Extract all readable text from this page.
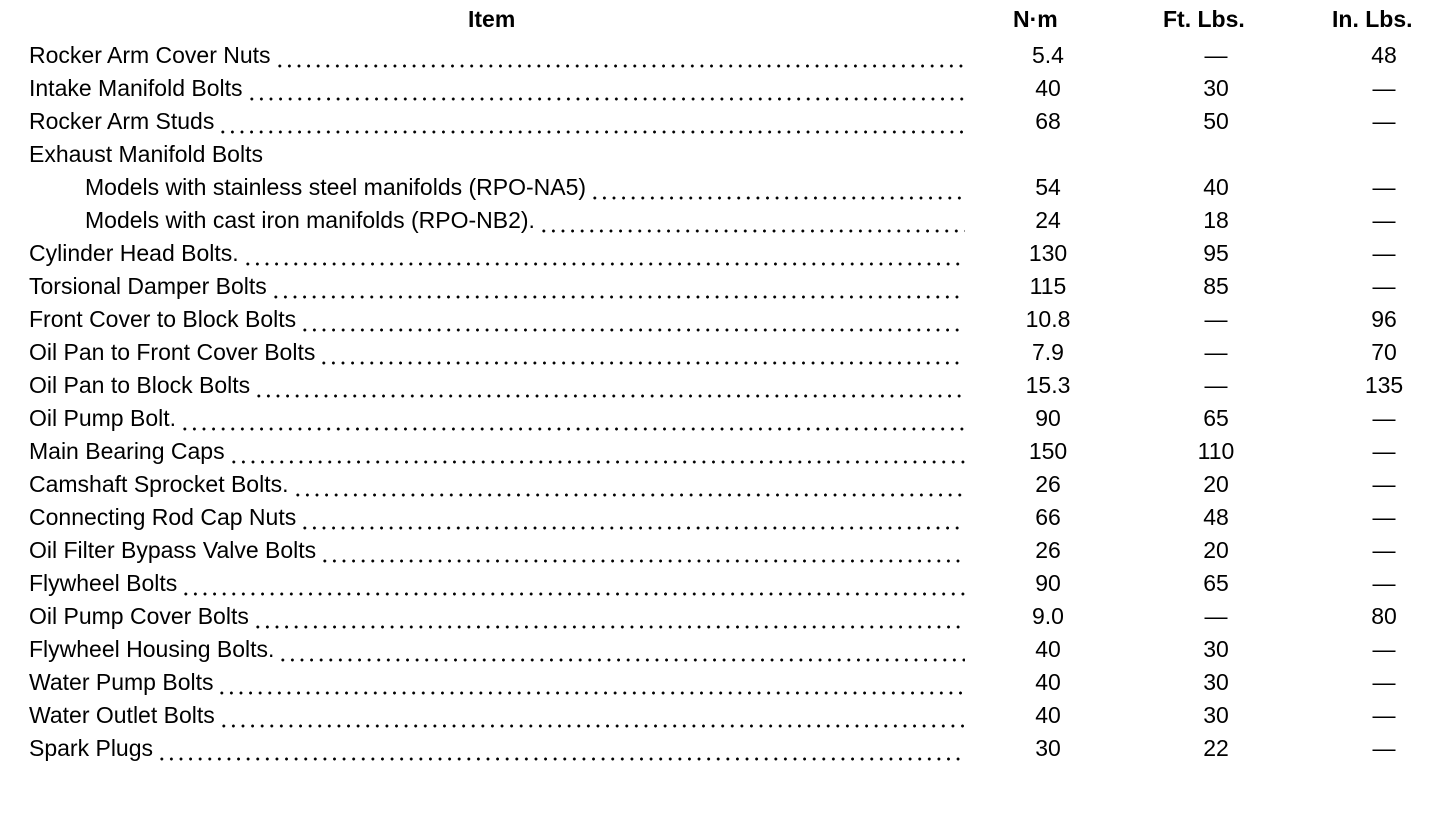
Item	N·m	Ft. Lbs.	In. Lbs.
Rocker Arm Cover Nuts	5.4	—	48
Intake Manifold Bolts	40	30	—
Rocker Arm Studs	68	50	—
Exhaust Manifold Bolts
Models with stainless steel manifolds (RPO-NA5)	54	40	—
Models with cast iron manifolds (RPO-NB2).	24	18	—
Cylinder Head Bolts.	130	95	—
Torsional Damper Bolts	115	85	—
Front Cover to Block Bolts	10.8	—	96
Oil Pan to Front Cover Bolts	7.9	—	70
Oil Pan to Block Bolts	15.3	—	135
Oil Pump Bolt.	90	65	—
Main Bearing Caps	150	110	—
Camshaft Sprocket Bolts.	26	20	—
Connecting Rod Cap Nuts	66	48	—
Oil Filter Bypass Valve Bolts	26	20	—
Flywheel Bolts	90	65	—
Oil Pump Cover Bolts	9.0	—	80
Flywheel Housing Bolts.	40	30	—
Water Pump Bolts	40	30	—
Water Outlet Bolts	40	30	—
Spark Plugs	30	22	—
